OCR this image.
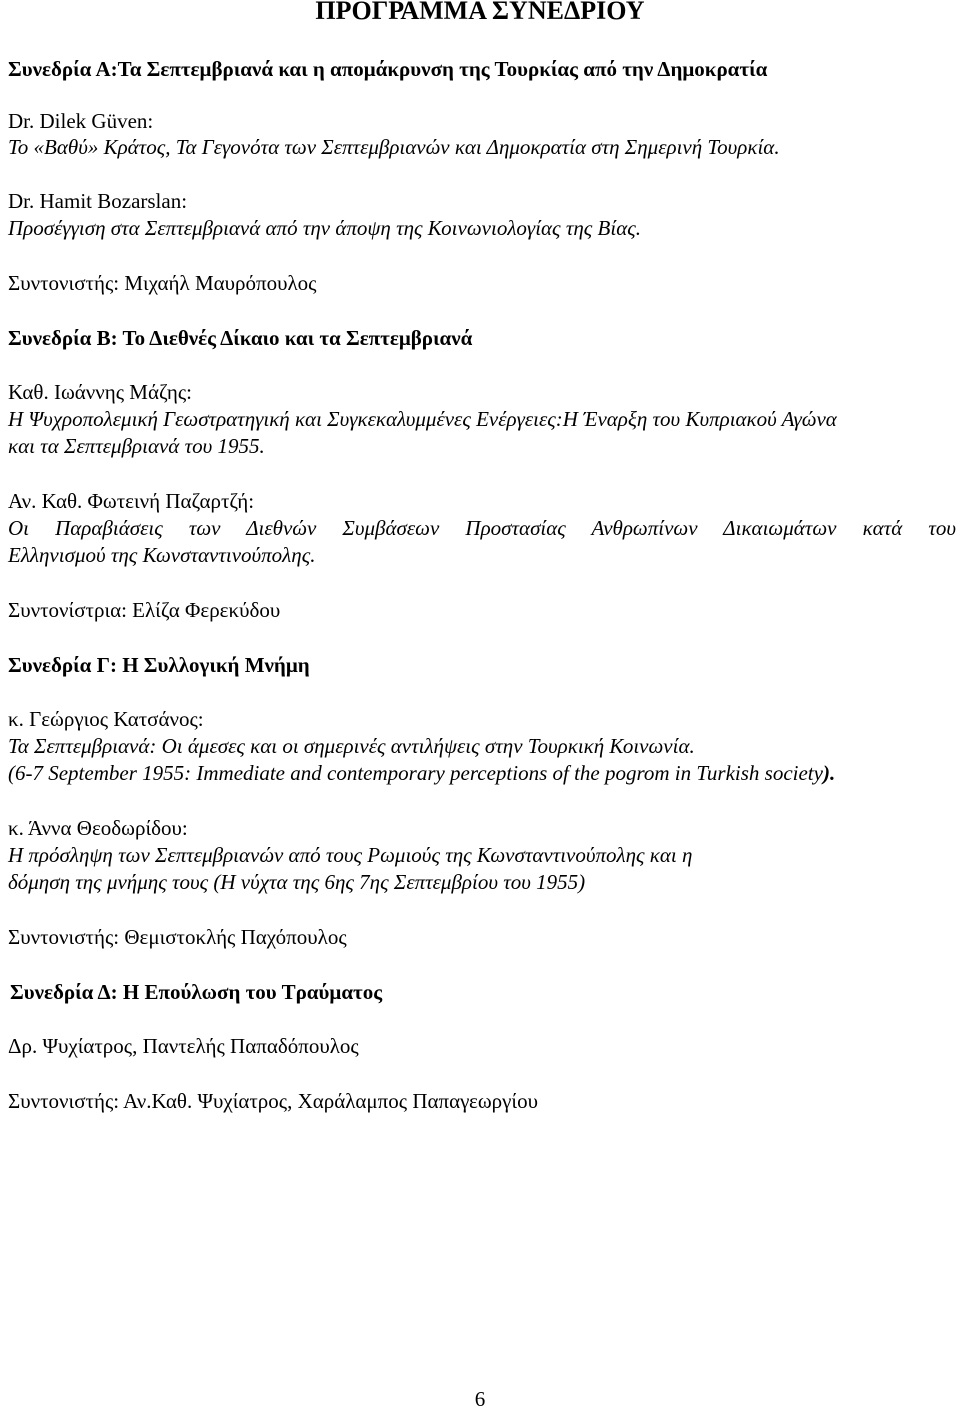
ΠΡΟΓΡΑΜΜΑ ΣΥΝΕΔΡΙΟΥ
Συνεδρία Α:Τα Σεπτεμβριανά και η απομάκρυνση της Τουρκίας από την Δημοκρατία
Dr. Dilek Güven:
Το «Βαθύ» Κράτος, Τα Γεγονότα των Σεπτεμβριανών και Δημοκρατία στη Σημερινή Τουρκία.
Dr. Hamit Bozarslan:
Προσέγγιση στα Σεπτεμβριανά από την άποψη της Κοινωνιολογίας της Βίας.
Συντονιστής: Μιχαήλ Μαυρόπουλος
Συνεδρία Β: Το Διεθνές Δίκαιο και τα Σεπτεμβριανά
Καθ. Ιωάννης Μάζης:
Η Ψυχροπολεμική Γεωστρατηγική και Συγκεκαλυμμένες Ενέργειες:Η Έναρξη του Κυπριακού Αγώνα
και τα Σεπτεμβριανά του 1955.
Αν. Καθ. Φωτεινή Παζαρτζή:
Οι Παραβιάσεις των Διεθνών Συμβάσεων Προστασίας Ανθρωπίνων Δικαιωμάτων κατά του
Ελληνισμού της Κωνσταντινούπολης.
Συντονίστρια: Ελίζα Φερεκύδου
Συνεδρία Γ: Η Συλλογική Μνήμη
κ. Γεώργιος Κατσάνος:
Τα Σεπτεμβριανά: Οι άμεσες και οι σημερινές αντιλήψεις στην Τουρκική Κοινωνία.
(6-7 September 1955: Immediate and contemporary perceptions of the pogrom in Turkish society).
κ. Άννα Θεοδωρίδου:
Η πρόσληψη των Σεπτεμβριανών από τους Ρωμιούς της Κωνσταντινούπολης και η
δόμηση της μνήμης τους (Η νύχτα της 6ης 7ης Σεπτεμβρίου του 1955)
Συντονιστής: Θεμιστοκλής Παχόπουλος
Συνεδρία Δ: Η Επούλωση του Τραύματος
Δρ. Ψυχίατρος, Παντελής Παπαδόπουλος
Συντονιστής: Αν.Καθ. Ψυχίατρος, Χαράλαμπος Παπαγεωργίου
6
